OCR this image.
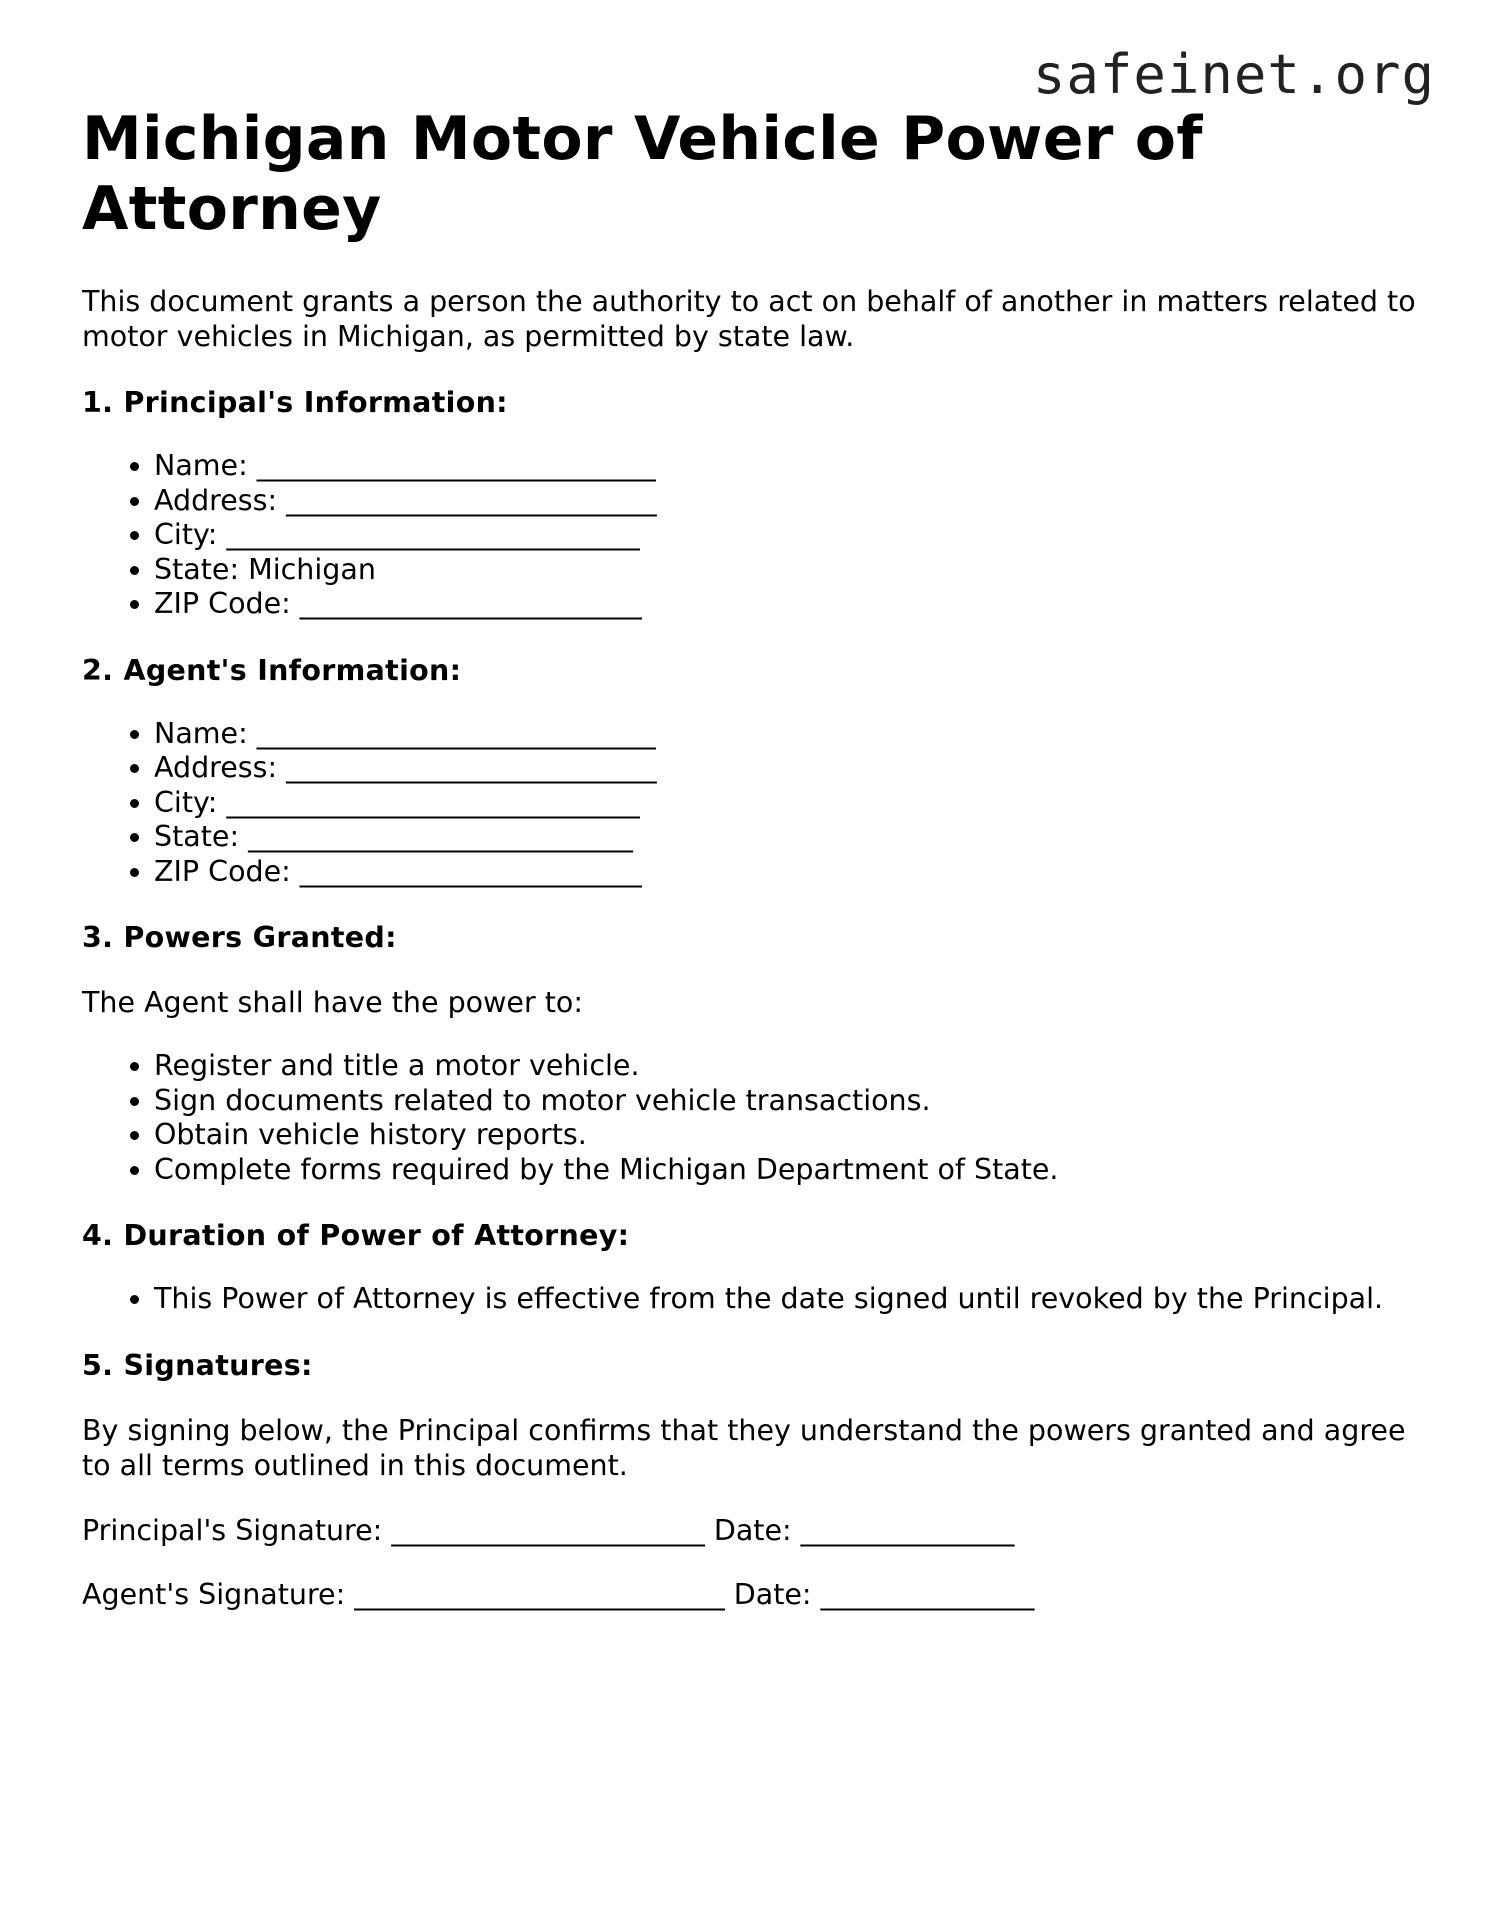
safeinet.org
Michigan Motor Vehicle Power of Attorney

This document grants a person the authority to act on behalf of another in matters related to motor vehicles in Michigan, as permitted by state law.

1. Principal's Information:
• Name: ____________________________
• Address: __________________________
• City: _____________________________
• State: Michigan
• ZIP Code: ________________________
2. Agent's Information:
• Name: ____________________________
• Address: __________________________
• City: _____________________________
• State: ___________________________
• ZIP Code: ________________________
3. Powers Granted:

The Agent shall have the power to:

• Register and title a motor vehicle.
• Sign documents related to motor vehicle transactions.
• Obtain vehicle history reports.
• Complete forms required by the Michigan Department of State.
4. Duration of Power of Attorney:
• This Power of Attorney is effective from the date signed until revoked by the Principal.
5. Signatures:

By signing below, the Principal confirms that they understand the powers granted and agree to all terms outlined in this document.

Principal's Signature: ______________________ Date: _______________

Agent's Signature: __________________________ Date: _______________
